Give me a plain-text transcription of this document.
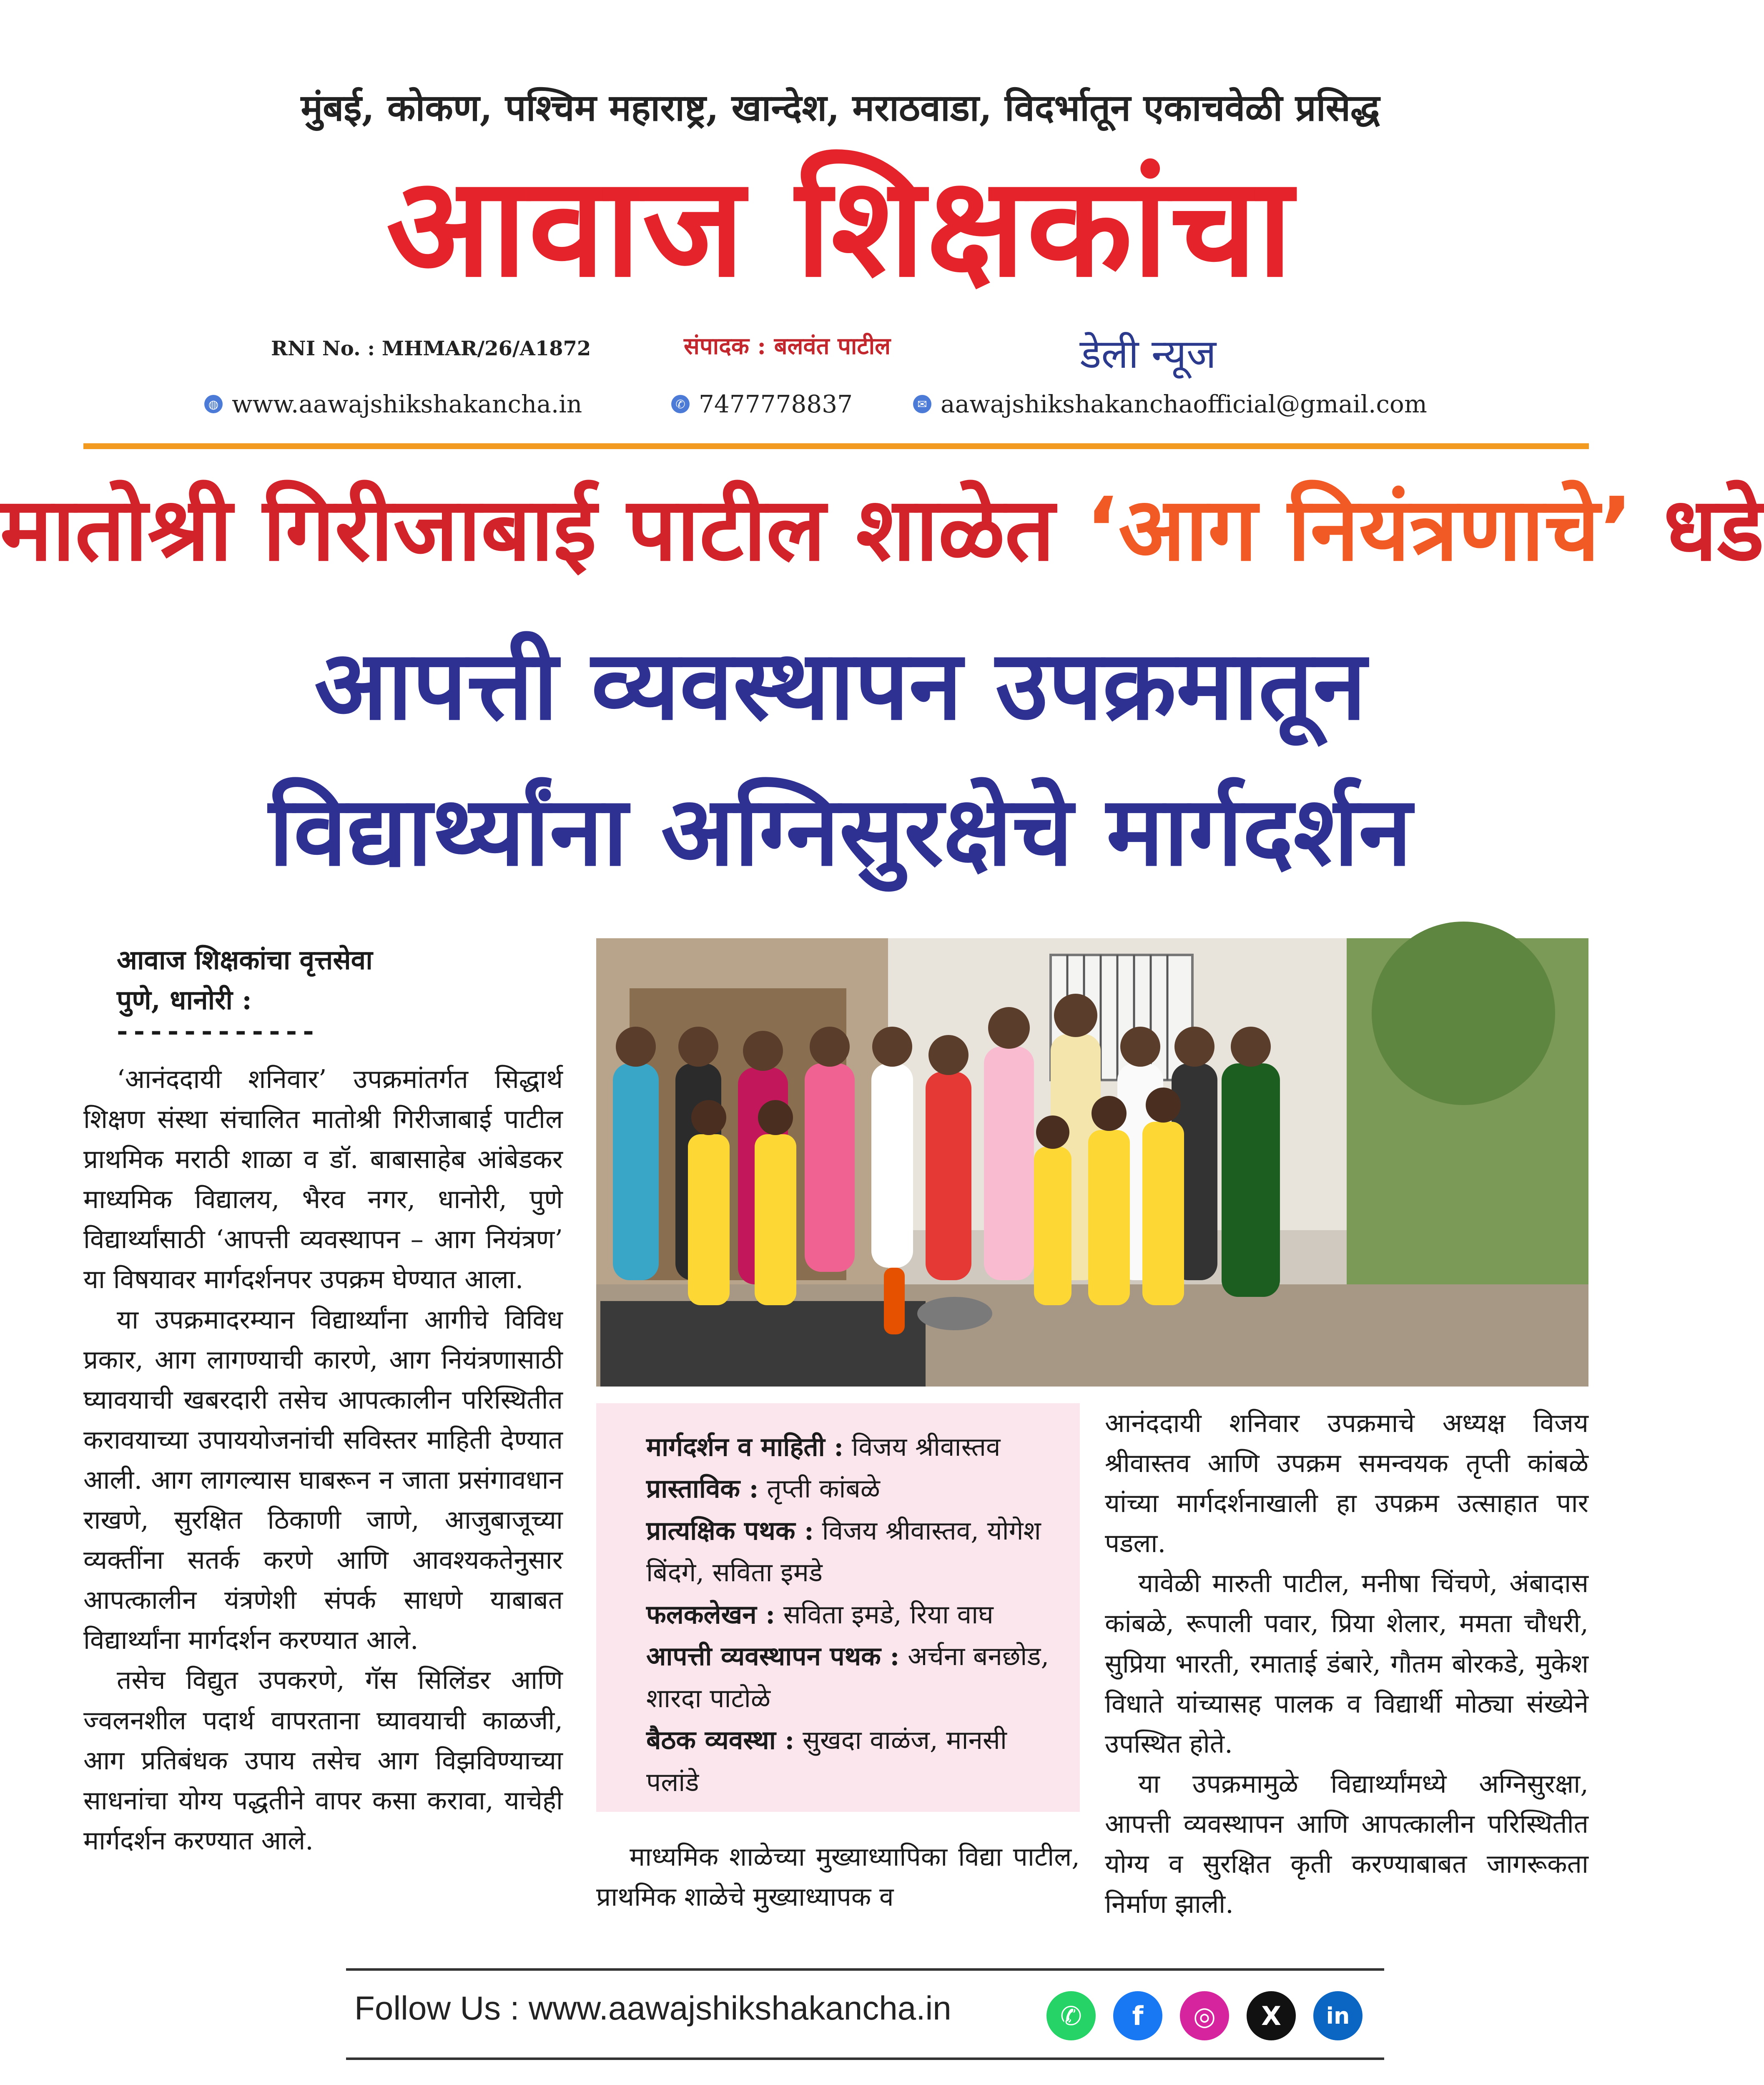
मुंबई, कोकण, पश्चिम महाराष्ट्र, खान्देश, मराठवाडा, विदर्भातून एकाचवेळी प्रसिद्ध
आवाज शिक्षकांचा
RNI No. : MHMAR/26/A1872	संपादक : बलवंत पाटील	डेली न्यूज
◍ www.aawajshikshakancha.in	✆ 7477778837	✉ aawajshikshakanchaofficial@gmail.com
मातोश्री गिरीजाबाई पाटील शाळेत ‘आग नियंत्रणाचे’ धडे
आपत्ती व्यवस्थापन उपक्रमातून
विद्यार्थ्यांना अग्निसुरक्षेचे मार्गदर्शन
आवाज शिक्षकांचा वृत्तसेवा
पुणे, धानोरी :
------------

‘आनंददायी शनिवार’ उपक्रमांतर्गत सिद्धार्थ शिक्षण संस्था संचालित मातोश्री गिरीजाबाई पाटील प्राथमिक मराठी शाळा व डॉ. बाबासाहेब आंबेडकर माध्यमिक विद्यालय, भैरव नगर, धानोरी, पुणे विद्यार्थ्यांसाठी ‘आपत्ती व्यवस्थापन – आग नियंत्रण’ या विषयावर मार्गदर्शनपर उपक्रम घेण्यात आला.

या उपक्रमादरम्यान विद्यार्थ्यांना आगीचे विविध प्रकार, आग लागण्याची कारणे, आग नियंत्रणासाठी घ्यावयाची खबरदारी तसेच आपत्कालीन परिस्थितीत करावयाच्या उपाययोजनांची सविस्तर माहिती देण्यात आली. आग लागल्यास घाबरून न जाता प्रसंगावधान राखणे, सुरक्षित ठिकाणी जाणे, आजुबाजूच्या व्यक्तींना सतर्क करणे आणि आवश्यकतेनुसार आपत्कालीन यंत्रणेशी संपर्क साधणे याबाबत विद्यार्थ्यांना मार्गदर्शन करण्यात आले.

तसेच विद्युत उपकरणे, गॅस सिलिंडर आणि ज्वलनशील पदार्थ वापरताना घ्यावयाची काळजी, आग प्रतिबंधक उपाय तसेच आग विझविण्याच्या साधनांचा योग्य पद्धतीने वापर कसा करावा, याचेही मार्गदर्शन करण्यात आले.

मार्गदर्शन व माहिती : विजय श्रीवास्तव
प्रास्ताविक : तृप्ती कांबळे
प्रात्यक्षिक पथक : विजय श्रीवास्तव, योगेश बिंदगे, सविता इमडे
फलकलेखन : सविता इमडे, रिया वाघ
आपत्ती व्यवस्थापन पथक : अर्चना बनछोड, शारदा पाटोळे
बैठक व्यवस्था : सुखदा वाळंज, मानसी पलांडे

माध्यमिक शाळेच्या मुख्याध्यापिका विद्या पाटील, प्राथमिक शाळेचे मुख्याध्यापक व

आनंददायी शनिवार उपक्रमाचे अध्यक्ष विजय श्रीवास्तव आणि उपक्रम समन्वयक तृप्ती कांबळे यांच्या मार्गदर्शनाखाली हा उपक्रम उत्साहात पार पडला.

यावेळी मारुती पाटील, मनीषा चिंचणे, अंबादास कांबळे, रूपाली पवार, प्रिया शेलार, ममता चौधरी, सुप्रिया भारती, रमाताई डंबारे, गौतम बोरकडे, मुकेश विधाते यांच्यासह पालक व विद्यार्थी मोठ्या संख्येने उपस्थित होते.

या उपक्रमामुळे विद्यार्थ्यांमध्ये अग्निसुरक्षा, आपत्ती व्यवस्थापन आणि आपत्कालीन परिस्थितीत योग्य व सुरक्षित कृती करण्याबाबत जागरूकता निर्माण झाली.

Follow Us : www.aawajshikshakancha.in	✆	f	◎	X	in
